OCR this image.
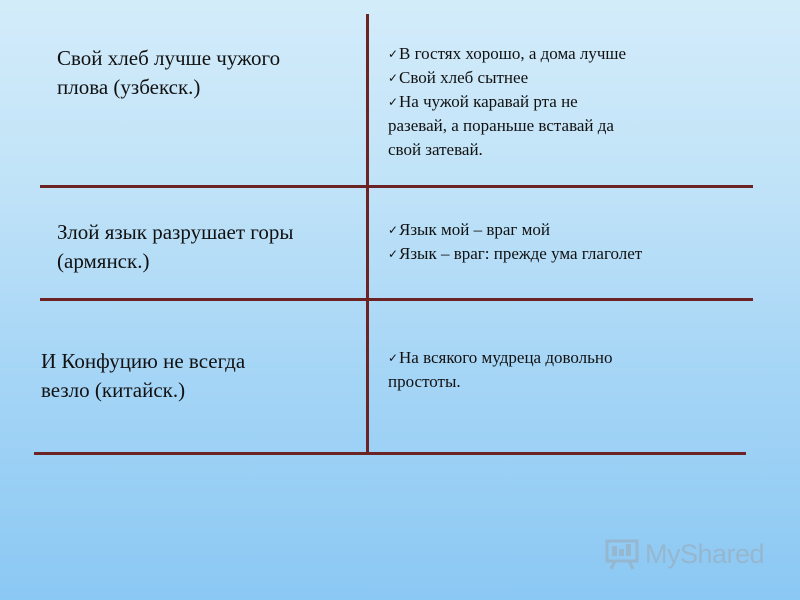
Свой хлеб лучше чужого
плова (узбекск.)

✓ В гостях хорошо, а дома лучше
✓ Свой хлеб сытнее
✓ На чужой каравай рта не
разевай, а пораньше вставай да
свой затевай.

Злой язык разрушает горы
(армянск.)

✓ Язык мой – враг мой
✓ Язык – враг: прежде ума глаголет

И Конфуцию не всегда
везло (китайск.)

✓ На всякого мудреца довольно
простоты.
MyShared
